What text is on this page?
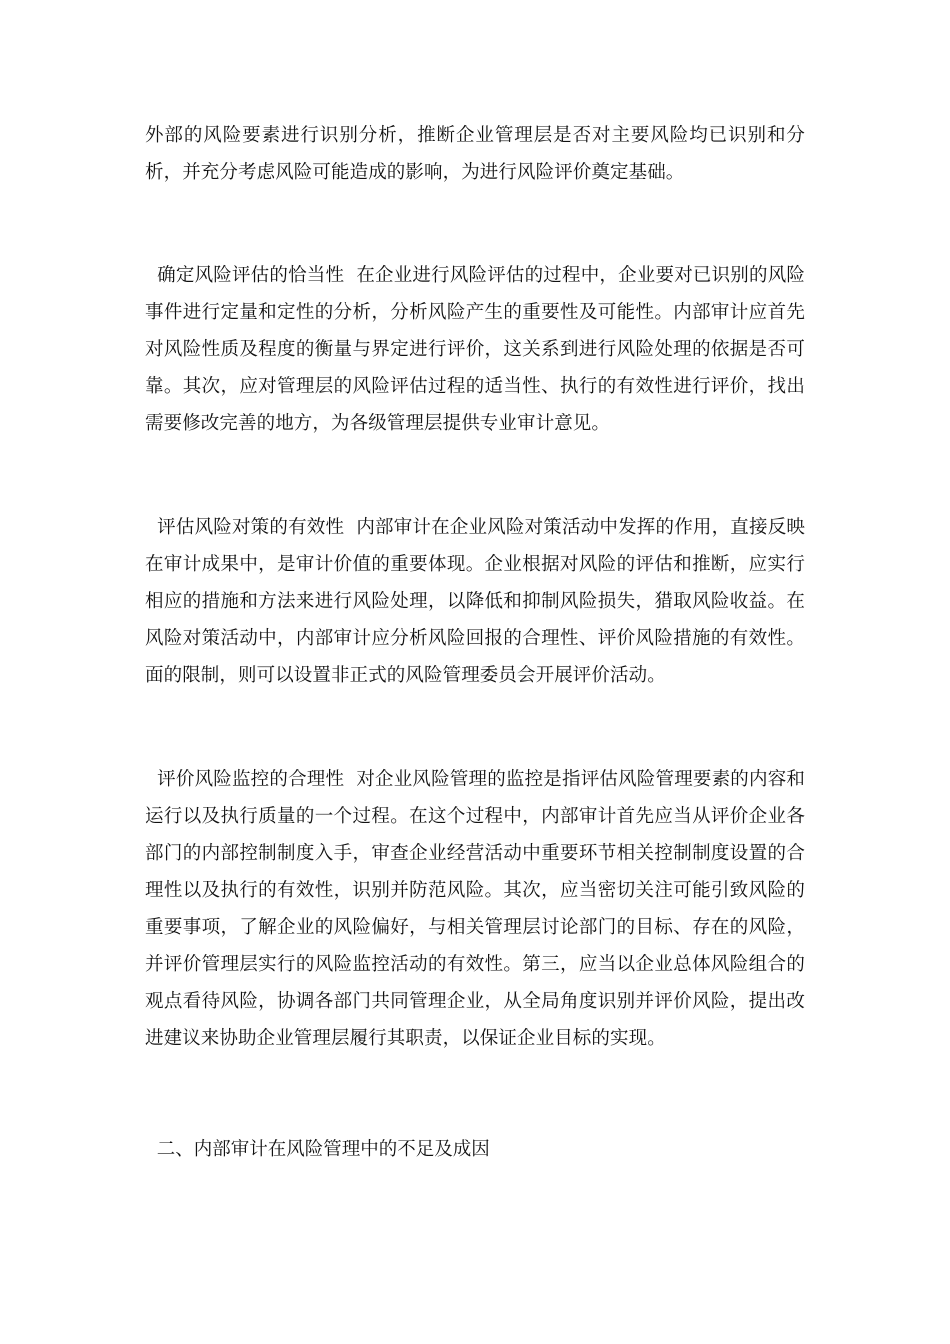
外部的风险要素进行识别分析，推断企业管理层是否对主要风险均已识别和分析，并充分考虑风险可能造成的影响，为进行风险评价奠定基础。

确定风险评估的恰当性  在企业进行风险评估的过程中，企业要对已识别的风险事件进行定量和定性的分析，分析风险产生的重要性及可能性。内部审计应首先对风险性质及程度的衡量与界定进行评价，这关系到进行风险处理的依据是否可靠。其次，应对管理层的风险评估过程的适当性、执行的有效性进行评价，找出需要修改完善的地方，为各级管理层提供专业审计意见。

评估风险对策的有效性  内部审计在企业风险对策活动中发挥的作用，直接反映在审计成果中，是审计价值的重要体现。企业根据对风险的评估和推断，应实行相应的措施和方法来进行风险处理，以降低和抑制风险损失，猎取风险收益。在风险对策活动中，内部审计应分析风险回报的合理性、评价风险措施的有效性。面的限制，则可以设置非正式的风险管理委员会开展评价活动。

评价风险监控的合理性  对企业风险管理的监控是指评估风险管理要素的内容和运行以及执行质量的一个过程。在这个过程中，内部审计首先应当从评价企业各部门的内部控制制度入手，审查企业经营活动中重要环节相关控制制度设置的合理性以及执行的有效性，识别并防范风险。其次，应当密切关注可能引致风险的重要事项，了解企业的风险偏好，与相关管理层讨论部门的目标、存在的风险，并评价管理层实行的风险监控活动的有效性。第三，应当以企业总体风险组合的观点看待风险，协调各部门共同管理企业，从全局角度识别并评价风险，提出改进建议来协助企业管理层履行其职责，以保证企业目标的实现。

二、内部审计在风险管理中的不足及成因
